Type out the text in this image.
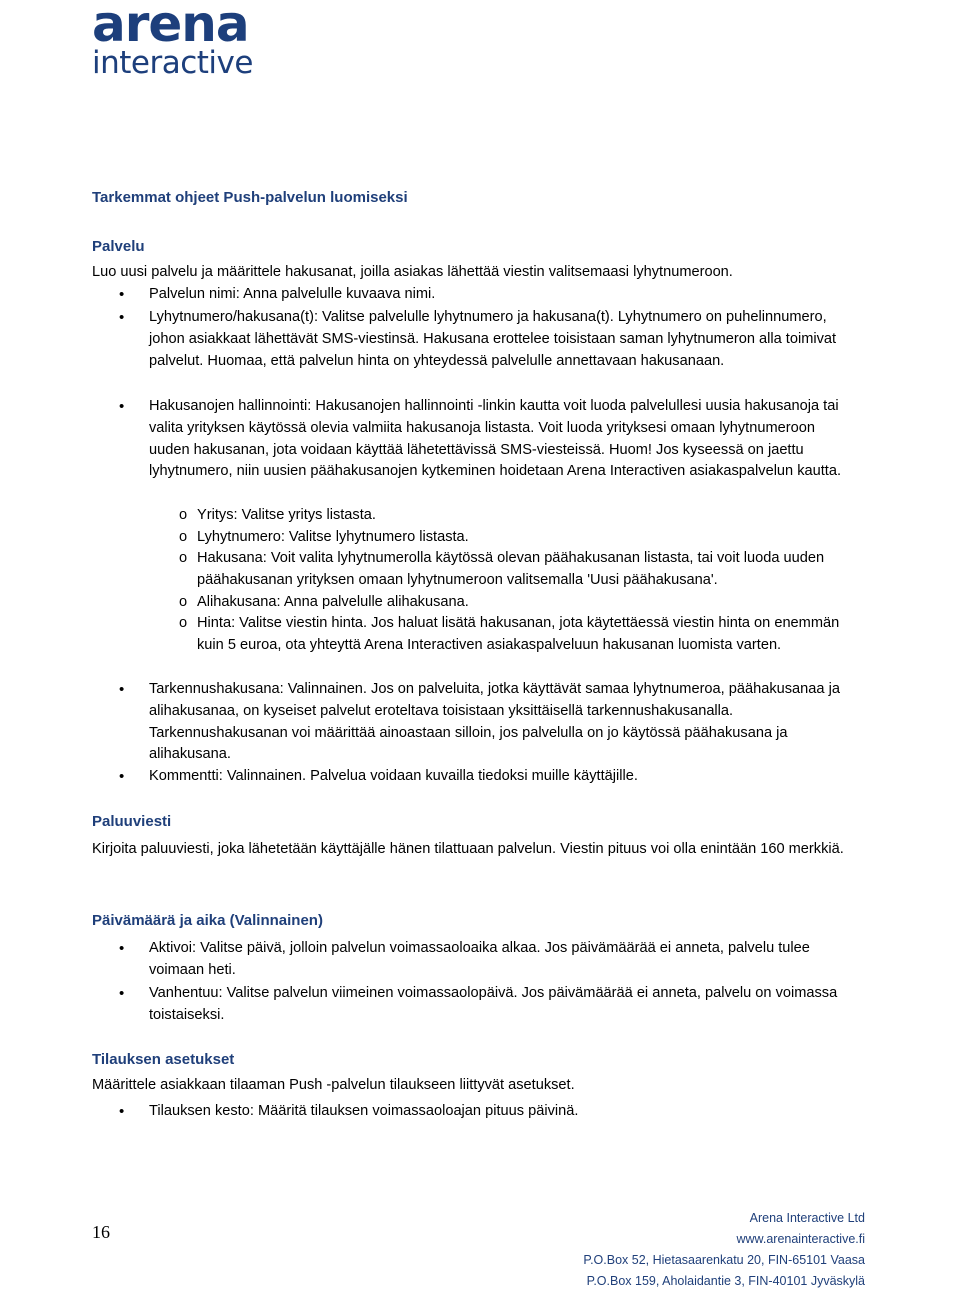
arena
interactive
Tarkemmat ohjeet Push-palvelun luomiseksi
Palvelu
Luo uusi palvelu ja määrittele hakusanat, joilla asiakas lähettää viestin valitsemaasi lyhytnumeroon.
• Palvelun nimi: Anna palvelulle kuvaava nimi.
• Lyhytnumero/hakusana(t): Valitse palvelulle lyhytnumero ja hakusana(t). Lyhytnumero on puhelinnumero, johon asiakkaat lähettävät SMS-viestinsä. Hakusana erottelee toisistaan saman lyhytnumeron alla toimivat palvelut. Huomaa, että palvelun hinta on yhteydessä palvelulle annettavaan hakusanaan.
• Hakusanojen hallinnointi: Hakusanojen hallinnointi -linkin kautta voit luoda palvelullesi uusia hakusanoja tai valita yrityksen käytössä olevia valmiita hakusanoja listasta. Voit luoda yrityksesi omaan lyhytnumeroon uuden hakusanan, jota voidaan käyttää lähetettävissä SMS-viesteissä. Huom! Jos kyseessä on jaettu lyhytnumero, niin uusien päähakusanojen kytkeminen hoidetaan Arena Interactiven asiakaspalvelun kautta.
o Yritys: Valitse yritys listasta.
o Lyhytnumero: Valitse lyhytnumero listasta.
o Hakusana: Voit valita lyhytnumerolla käytössä olevan päähakusanan listasta, tai voit luoda uuden päähakusanan yrityksen omaan lyhytnumeroon valitsemalla 'Uusi päähakusana'.
o Alihakusana: Anna palvelulle alihakusana.
o Hinta: Valitse viestin hinta. Jos haluat lisätä hakusanan, jota käytettäessä viestin hinta on enemmän kuin 5 euroa, ota yhteyttä Arena Interactiven asiakaspalveluun hakusanan luomista varten.
• Tarkennushakusana: Valinnainen. Jos on palveluita, jotka käyttävät samaa lyhytnumeroa, päähakusanaa ja alihakusanaa, on kyseiset palvelut eroteltava toisistaan yksittäisellä tarkennushakusanalla. Tarkennushakusanan voi määrittää ainoastaan silloin, jos palvelulla on jo käytössä päähakusana ja alihakusana.
• Kommentti: Valinnainen. Palvelua voidaan kuvailla tiedoksi muille käyttäjille.
Paluuviesti
Kirjoita paluuviesti, joka lähetetään käyttäjälle hänen tilattuaan palvelun. Viestin pituus voi olla enintään 160 merkkiä.
Päivämäärä ja aika (Valinnainen)
• Aktivoi: Valitse päivä, jolloin palvelun voimassaoloaika alkaa. Jos päivämäärää ei anneta, palvelu tulee voimaan heti.
• Vanhentuu: Valitse palvelun viimeinen voimassaolopäivä. Jos päivämäärää ei anneta, palvelu on voimassa toistaiseksi.
Tilauksen asetukset
Määrittele asiakkaan tilaaman Push -palvelun tilaukseen liittyvät asetukset.
• Tilauksen kesto: Määritä tilauksen voimassaoloajan pituus päivinä.
16
Arena Interactive Ltd
www.arenainteractive.fi
P.O.Box 52, Hietasaarenkatu 20, FIN-65101 Vaasa
P.O.Box 159, Aholaidantie 3, FIN-40101 Jyväskylä
